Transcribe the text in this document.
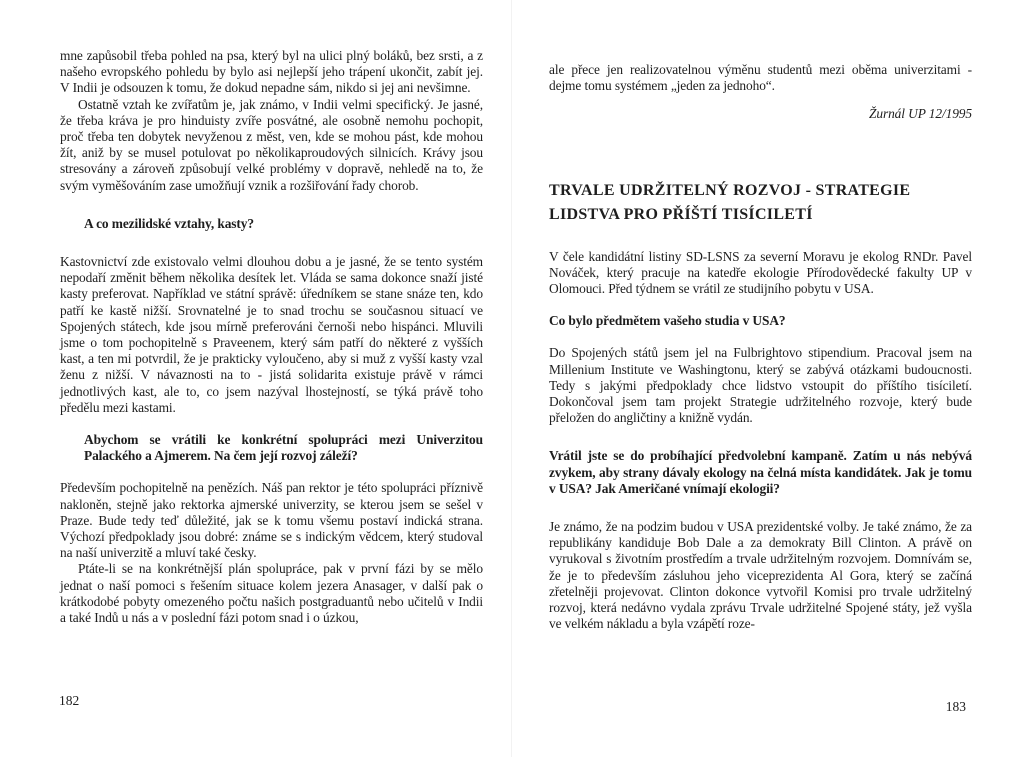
mne zapůsobil třeba pohled na psa, který byl na ulici plný boláků, bez srsti, a z našeho evropského pohledu by bylo asi nejlepší jeho trápení ukončit, zabít jej. V Indii je odsouzen k tomu, že dokud nepadne sám, nikdo si jej ani nevšimne.

Ostatně vztah ke zvířatům je, jak známo, v Indii velmi specifický. Je jasné, že třeba kráva je pro hinduisty zvíře posvátné, ale osobně nemohu pochopit, proč třeba ten dobytek nevyženou z měst, ven, kde se mohou pást, kde mohou žít, aniž by se musel potulovat po několikaproudových silnicích. Krávy jsou stresovány a zároveň způsobují velké problémy v dopravě, nehledě na to, že svým vyměšováním zase umožňují vznik a rozšiřování řady chorob.

A co mezilidské vztahy, kasty?

Kastovnictví zde existovalo velmi dlouhou dobu a je jasné, že se tento systém nepodaří změnit během několika desítek let. Vláda se sama dokonce snaží jisté kasty preferovat. Například ve státní správě: úředníkem se stane snáze ten, kdo patří ke kastě nižší. Srovnatelné je to snad trochu se současnou situací ve Spojených státech, kde jsou mírně preferováni černoši nebo hispánci. Mluvili jsme o tom pochopitelně s Praveenem, který sám patří do některé z vyšších kast, a ten mi potvrdil, že je prakticky vyloučeno, aby si muž z vyšší kasty vzal ženu z nižší. V návaznosti na to - jistá solidarita existuje právě v rámci jednotlivých kast, ale to, co jsem nazýval lhostejností, se týká právě toho předělu mezi kastami.

Abychom se vrátili ke konkrétní spolupráci mezi Univerzitou Palackého a Ajmerem. Na čem její rozvoj záleží?

Především pochopitelně na penězích. Náš pan rektor je této spolupráci příznivě nakloněn, stejně jako rektorka ajmerské univerzity, se kterou jsem se sešel v Praze. Bude tedy teď důležité, jak se k tomu všemu postaví indická strana. Výchozí předpoklady jsou dobré: známe se s indickým vědcem, který studoval na naší univerzitě a mluví také česky.

Ptáte-li se na konkrétnější plán spolupráce, pak v první fázi by se mělo jednat o naší pomoci s řešením situace kolem jezera Anasager, v další pak o krátkodobé pobyty omezeného počtu našich postgraduantů nebo učitelů v Indii a také Indů u nás a v poslední fázi potom snad i o úzkou,

182

ale přece jen realizovatelnou výměnu studentů mezi oběma univerzitami - dejme tomu systémem „jeden za jednoho“.

Žurnál UP 12/1995
TRVALE UDRŽITELNÝ ROZVOJ - STRATEGIE LIDSTVA PRO PŘÍŠTÍ TISÍCILETÍ

V čele kandidátní listiny SD-LSNS za severní Moravu je ekolog RNDr. Pavel Nováček, který pracuje na katedře ekologie Přírodovědecké fakulty UP v Olomouci. Před týdnem se vrátil ze studijního pobytu v USA.

Co bylo předmětem vašeho studia v USA?

Do Spojených států jsem jel na Fulbrightovo stipendium. Pracoval jsem na Millenium Institute ve Washingtonu, který se zabývá otázkami budoucnosti. Tedy s jakými předpoklady chce lidstvo vstoupit do příštího tisíciletí. Dokončoval jsem tam projekt Strategie udržitelného rozvoje, který bude přeložen do angličtiny a knižně vydán.

Vrátil jste se do probíhající předvolební kampaně. Zatím u nás nebývá zvykem, aby strany dávaly ekology na čelná místa kandidátek. Jak je tomu v USA? Jak Američané vnímají ekologii?

Je známo, že na podzim budou v USA prezidentské volby. Je také známo, že za republikány kandiduje Bob Dale a za demokraty Bill Clinton. A právě on vyrukoval s životním prostředím a trvale udržitelným rozvojem. Domnívám se, že je to především zásluhou jeho viceprezidenta Al Gora, který se začíná zřetelněji projevovat. Clinton dokonce vytvořil Komisi pro trvale udržitelný rozvoj, která nedávno vydala zprávu Trvale udržitelné Spojené státy, jež vyšla ve velkém nákladu a byla vzápětí roze-

183
